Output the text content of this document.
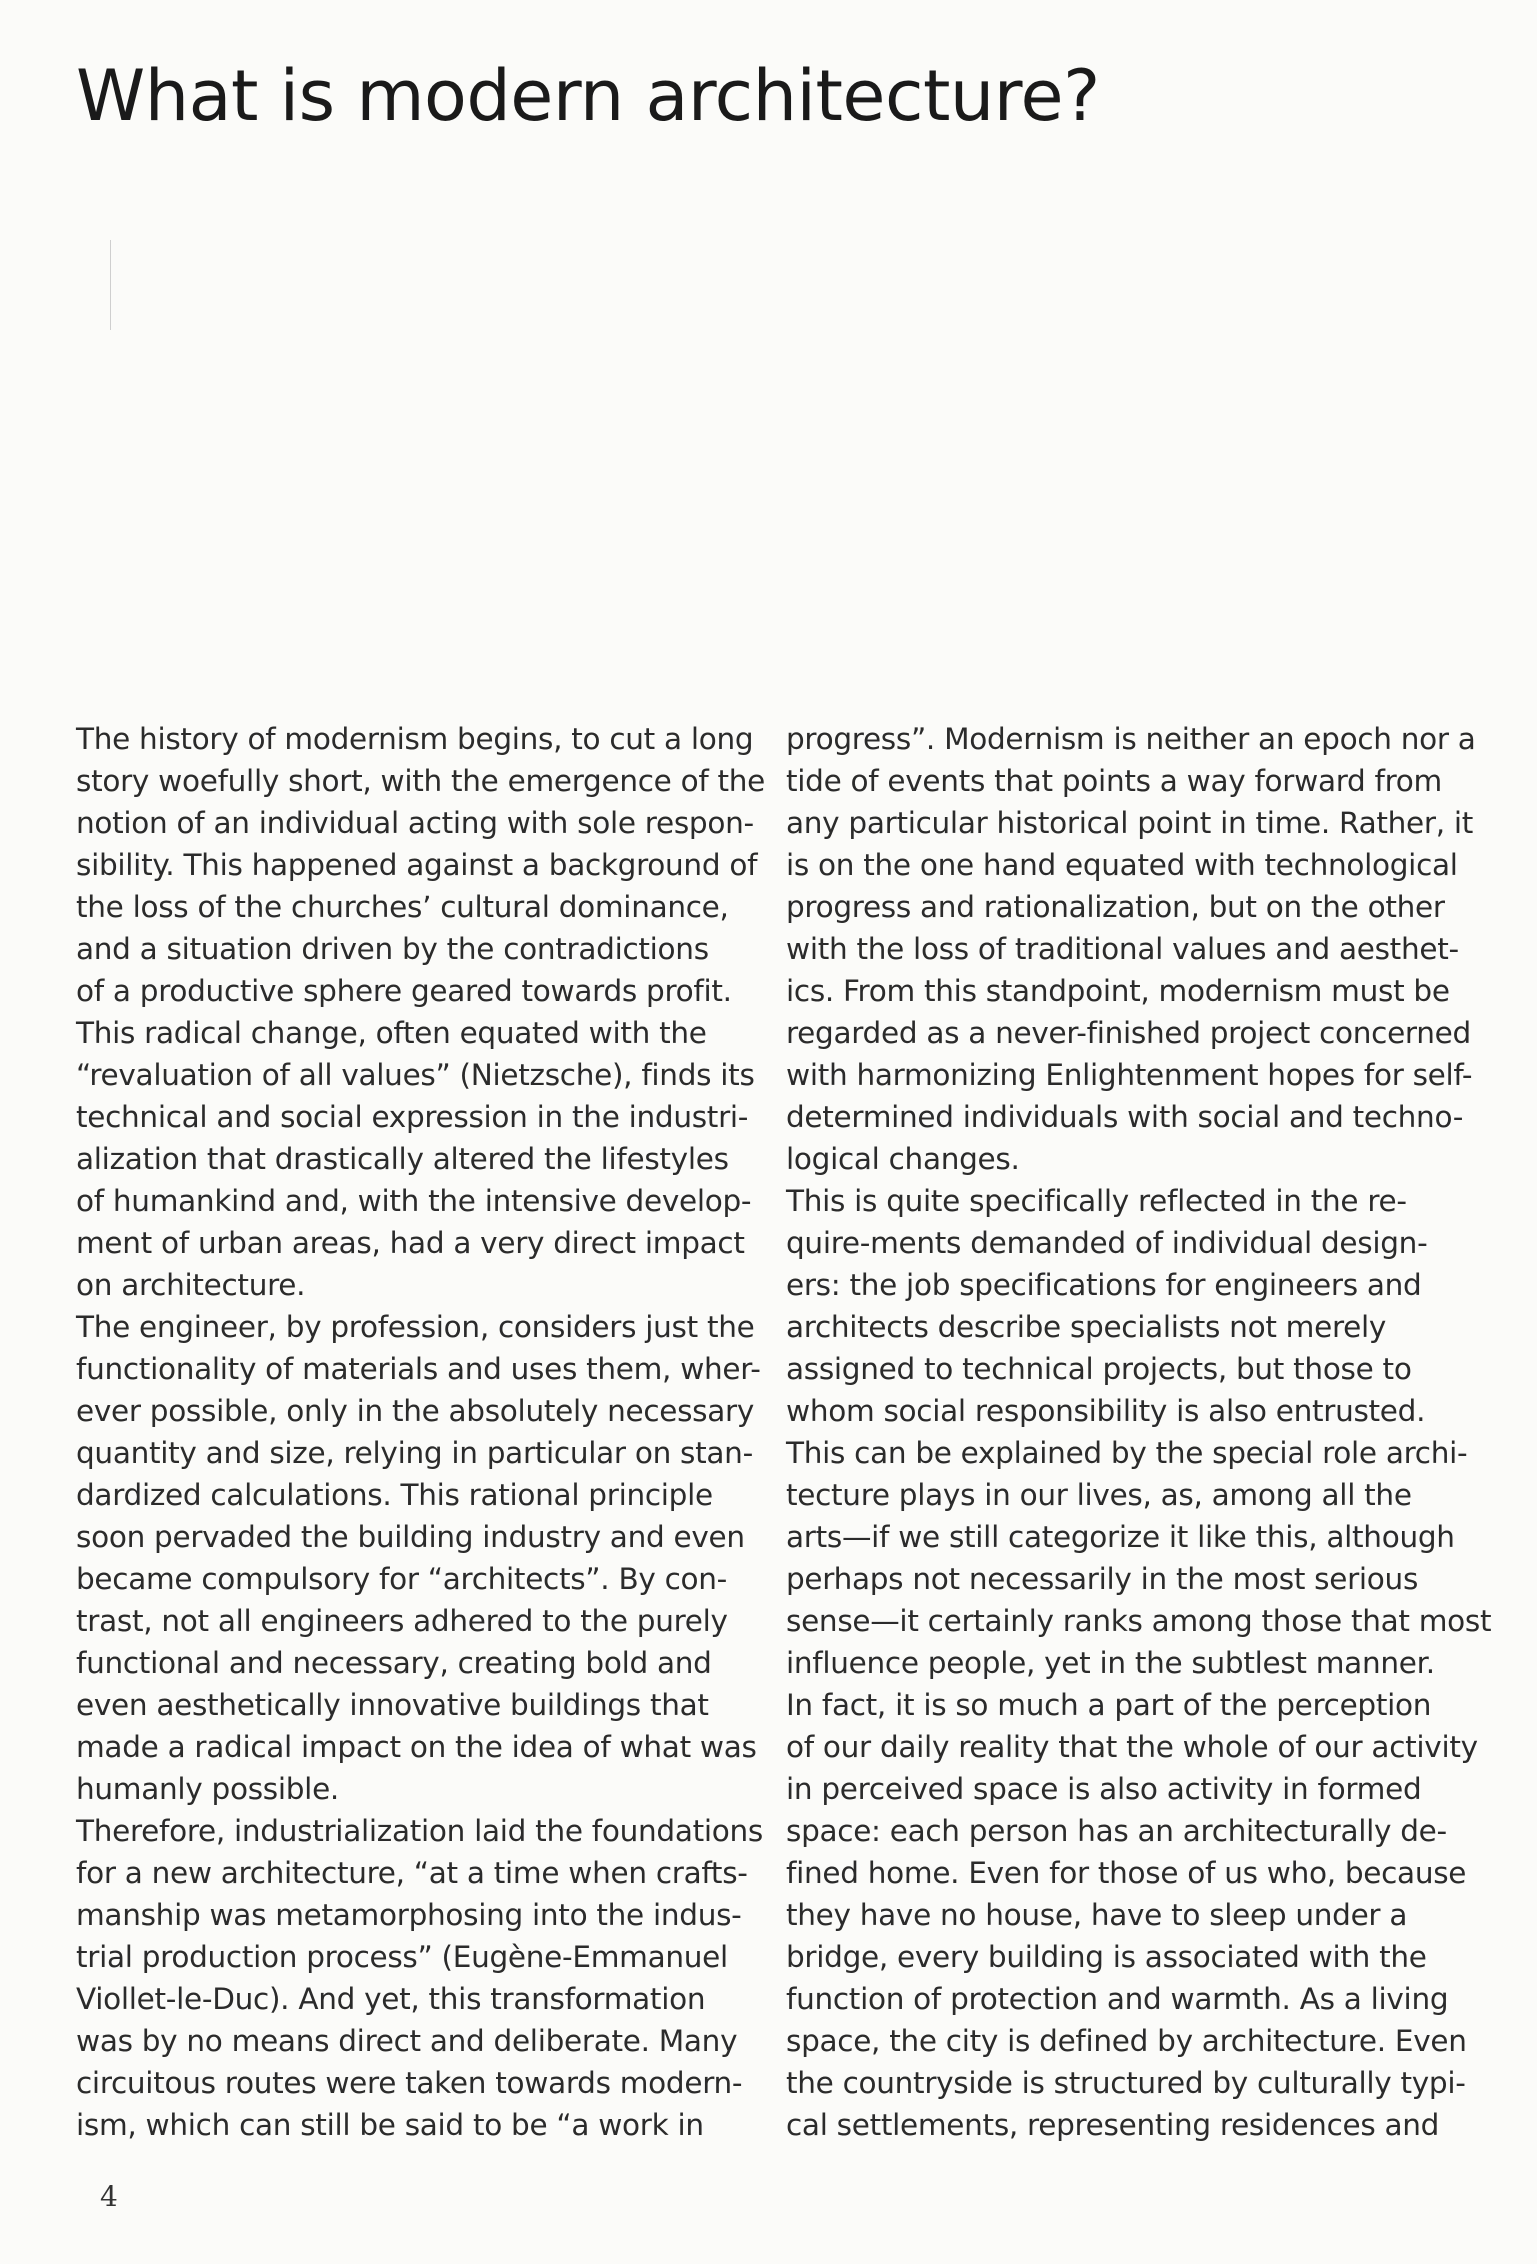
What is modern architecture?
The history of modernism begins, to cut a long
story woefully short, with the emergence of the
notion of an individual acting with sole respon-
sibility. This happened against a background of
the loss of the churches’ cultural dominance,
and a situation driven by the contradictions
of a productive sphere geared towards profit.
This radical change, often equated with the
“revaluation of all values” (Nietzsche), finds its
technical and social expression in the industri-
alization that drastically altered the lifestyles
of humankind and, with the intensive develop-
ment of urban areas, had a very direct impact
on architecture.
The engineer, by profession, considers just the
functionality of materials and uses them, wher-
ever possible, only in the absolutely necessary
quantity and size, relying in particular on stan-
dardized calculations. This rational principle
soon pervaded the building industry and even
became compulsory for “architects”. By con-
trast, not all engineers adhered to the purely
functional and necessary, creating bold and
even aesthetically innovative buildings that
made a radical impact on the idea of what was
humanly possible.
Therefore, industrialization laid the foundations
for a new architecture, “at a time when crafts-
manship was metamorphosing into the indus-
trial production process” (Eugène-Emmanuel
Viollet-le-Duc). And yet, this transformation
was by no means direct and deliberate. Many
circuitous routes were taken towards modern-
ism, which can still be said to be “a work in
progress”. Modernism is neither an epoch nor a
tide of events that points a way forward from
any particular historical point in time. Rather, it
is on the one hand equated with technological
progress and rationalization, but on the other
with the loss of traditional values and aesthet-
ics. From this standpoint, modernism must be
regarded as a never-finished project concerned
with harmonizing Enlightenment hopes for self-
determined individuals with social and techno-
logical changes.
This is quite specifically reflected in the re-
quire-ments demanded of individual design-
ers: the job specifications for engineers and
architects describe specialists not merely
assigned to technical projects, but those to
whom social responsibility is also entrusted.
This can be explained by the special role archi-
tecture plays in our lives, as, among all the
arts—if we still categorize it like this, although
perhaps not necessarily in the most serious
sense—it certainly ranks among those that most
influence people, yet in the subtlest manner.
In fact, it is so much a part of the perception
of our daily reality that the whole of our activity
in perceived space is also activity in formed
space: each person has an architecturally de-
fined home. Even for those of us who, because
they have no house, have to sleep under a
bridge, every building is associated with the
function of protection and warmth. As a living
space, the city is defined by architecture. Even
the countryside is structured by culturally typi-
cal settlements, representing residences and
4
